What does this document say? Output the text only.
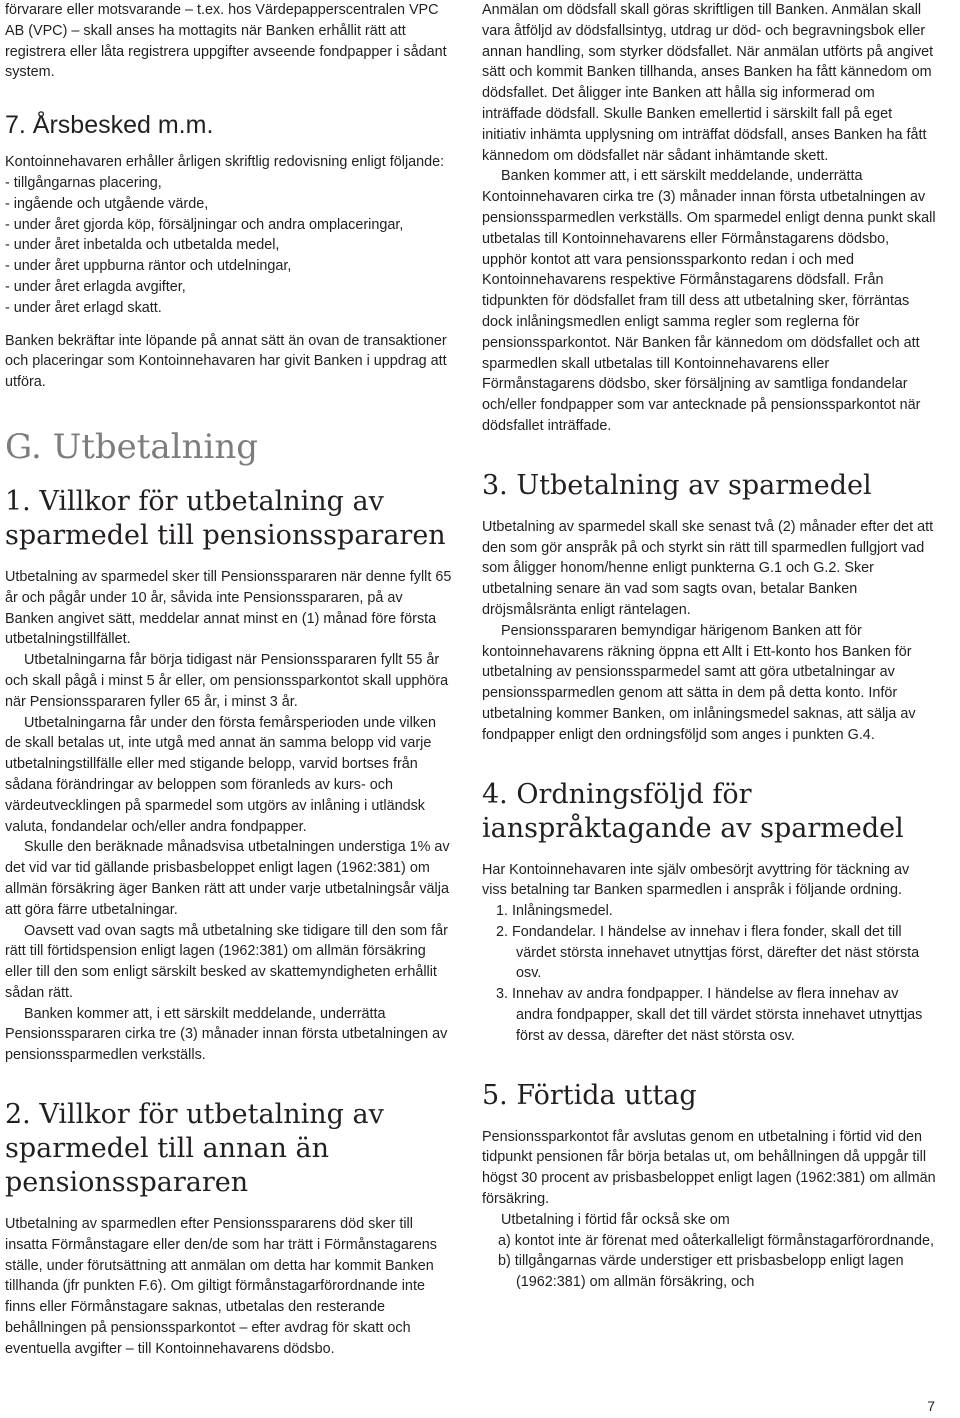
förvarare eller motsvarande – t.ex. hos Värdepapperscentralen VPC AB (VPC) – skall anses ha mottagits när Banken erhållit rätt att registrera eller låta registrera uppgifter avseende fondpapper i sådant system.

7. Årsbesked m.m.

Kontoinnehavaren erhåller årligen skriftlig redovisning enligt följande:

- tillgångarnas placering,

- ingående och utgående värde,

- under året gjorda köp, försäljningar och andra omplaceringar,

- under året inbetalda och utbetalda medel,

- under året uppburna räntor och utdelningar,

- under året erlagda avgifter,

- under året erlagd skatt.

Banken bekräftar inte löpande på annat sätt än ovan de transaktioner och placeringar som Kontoinnehavaren har givit Banken i uppdrag att utföra.

G. Utbetalning
1. Villkor för utbetalning av sparmedel till pensionsspararen

Utbetalning av sparmedel sker till Pensionsspararen när denne fyllt 65 år och pågår under 10 år, såvida inte Pensionsspararen, på av Banken angivet sätt, meddelar annat minst en (1) månad före första utbetalningstillfället.

Utbetalningarna får börja tidigast när Pensionsspararen fyllt 55 år och skall pågå i minst 5 år eller, om pensionssparkontot skall upphöra när Pensionsspararen fyller 65 år, i minst 3 år.

Utbetalningarna får under den första femårsperioden unde vilken de skall betalas ut, inte utgå med annat än samma belopp vid varje utbetalningstillfälle eller med stigande belopp, varvid bortses från sådana förändringar av beloppen som föranleds av kurs- och värdeutvecklingen på sparmedel som utgörs av inlåning i utländsk valuta, fondandelar och/eller andra fondpapper.

Skulle den beräknade månadsvisa utbetalningen understiga 1% av det vid var tid gällande prisbasbeloppet enligt lagen (1962:381) om allmän försäkring äger Banken rätt att under varje utbetalningsår välja att göra färre utbetalningar.

Oavsett vad ovan sagts må utbetalning ske tidigare till den som får rätt till förtidspension enligt lagen (1962:381) om allmän försäkring eller till den som enligt särskilt besked av skattemyndigheten erhållit sådan rätt.

Banken kommer att, i ett särskilt meddelande, underrätta Pensionsspararen cirka tre (3) månader innan första utbetalningen av pensionssparmedlen verkställs.

2. Villkor för utbetalning av sparmedel till annan än pensionsspararen

Utbetalning av sparmedlen efter Pensionsspararens död sker till insatta Förmånstagare eller den/de som har trätt i Förmånstagarens ställe, under förutsättning att anmälan om detta har kommit Banken tillhanda (jfr punkten F.6). Om giltigt förmånstagarförordnande inte finns eller Förmånstagare saknas, utbetalas den resterande behållningen på pensionssparkontot – efter avdrag för skatt och eventuella avgifter – till Kontoinnehavarens dödsbo.

Anmälan om dödsfall skall göras skriftligen till Banken. Anmälan skall vara åtföljd av dödsfallsintyg, utdrag ur död- och begravningsbok eller annan handling, som styrker dödsfallet. När anmälan utförts på angivet sätt och kommit Banken tillhanda, anses Banken ha fått kännedom om dödsfallet. Det åligger inte Banken att hålla sig informerad om inträffade dödsfall. Skulle Banken emellertid i särskilt fall på eget initiativ inhämta upplysning om inträffat dödsfall, anses Banken ha fått kännedom om dödsfallet när sådant inhämtande skett.

Banken kommer att, i ett särskilt meddelande, underrätta Kontoinnehavaren cirka tre (3) månader innan första utbetalningen av pensionssparmedlen verkställs. Om sparmedel enligt denna punkt skall utbetalas till Kontoinnehavarens eller Förmånstagarens dödsbo, upphör kontot att vara pensionssparkonto redan i och med Kontoinnehavarens respektive Förmånstagarens dödsfall. Från tidpunkten för dödsfallet fram till dess att utbetalning sker, förräntas dock inlåningsmedlen enligt samma regler som reglerna för pensionssparkontot. När Banken får kännedom om dödsfallet och att sparmedlen skall utbetalas till Kontoinnehavarens eller Förmånstagarens dödsbo, sker försäljning av samtliga fondandelar och/eller fondpapper som var antecknade på pensionssparkontot när dödsfallet inträffade.

3. Utbetalning av sparmedel

Utbetalning av sparmedel skall ske senast två (2) månader efter det att den som gör anspråk på och styrkt sin rätt till sparmedlen fullgjort vad som åligger honom/henne enligt punkterna G.1 och G.2. Sker utbetalning senare än vad som sagts ovan, betalar Banken dröjsmålsränta enligt räntelagen.

Pensionsspararen bemyndigar härigenom Banken att för kontoinnehavarens räkning öppna ett Allt i Ett-konto hos Banken för utbetalning av pensionssparmedel samt att göra utbetalningar av pensionssparmedlen genom att sätta in dem på detta konto. Inför utbetalning kommer Banken, om inlåningsmedel saknas, att sälja av fondpapper enligt den ordningsföljd som anges i punkten G.4.

4. Ordningsföljd för ianspråktagande av sparmedel

Har Kontoinnehavaren inte själv ombesörjt avyttring för täckning av viss betalning tar Banken sparmedlen i anspråk i följande ordning.

1. Inlåningsmedel.

2. Fondandelar. I händelse av innehav i flera fonder, skall det till värdet största innehavet utnyttjas först, därefter det näst största osv.

3. Innehav av andra fondpapper. I händelse av flera innehav av andra fondpapper, skall det till värdet största innehavet utnyttjas först av dessa, därefter det näst största osv.

5. Förtida uttag

Pensionssparkontot får avslutas genom en utbetalning i förtid vid den tidpunkt pensionen får börja betalas ut, om behållningen då uppgår till högst 30 procent av prisbasbeloppet enligt lagen (1962:381) om allmän försäkring.

Utbetalning i förtid får också ske om

a) kontot inte är förenat med oåterkalleligt förmånstagarförordnande,

b) tillgångarnas värde understiger ett prisbasbelopp enligt lagen (1962:381) om allmän försäkring, och

7
